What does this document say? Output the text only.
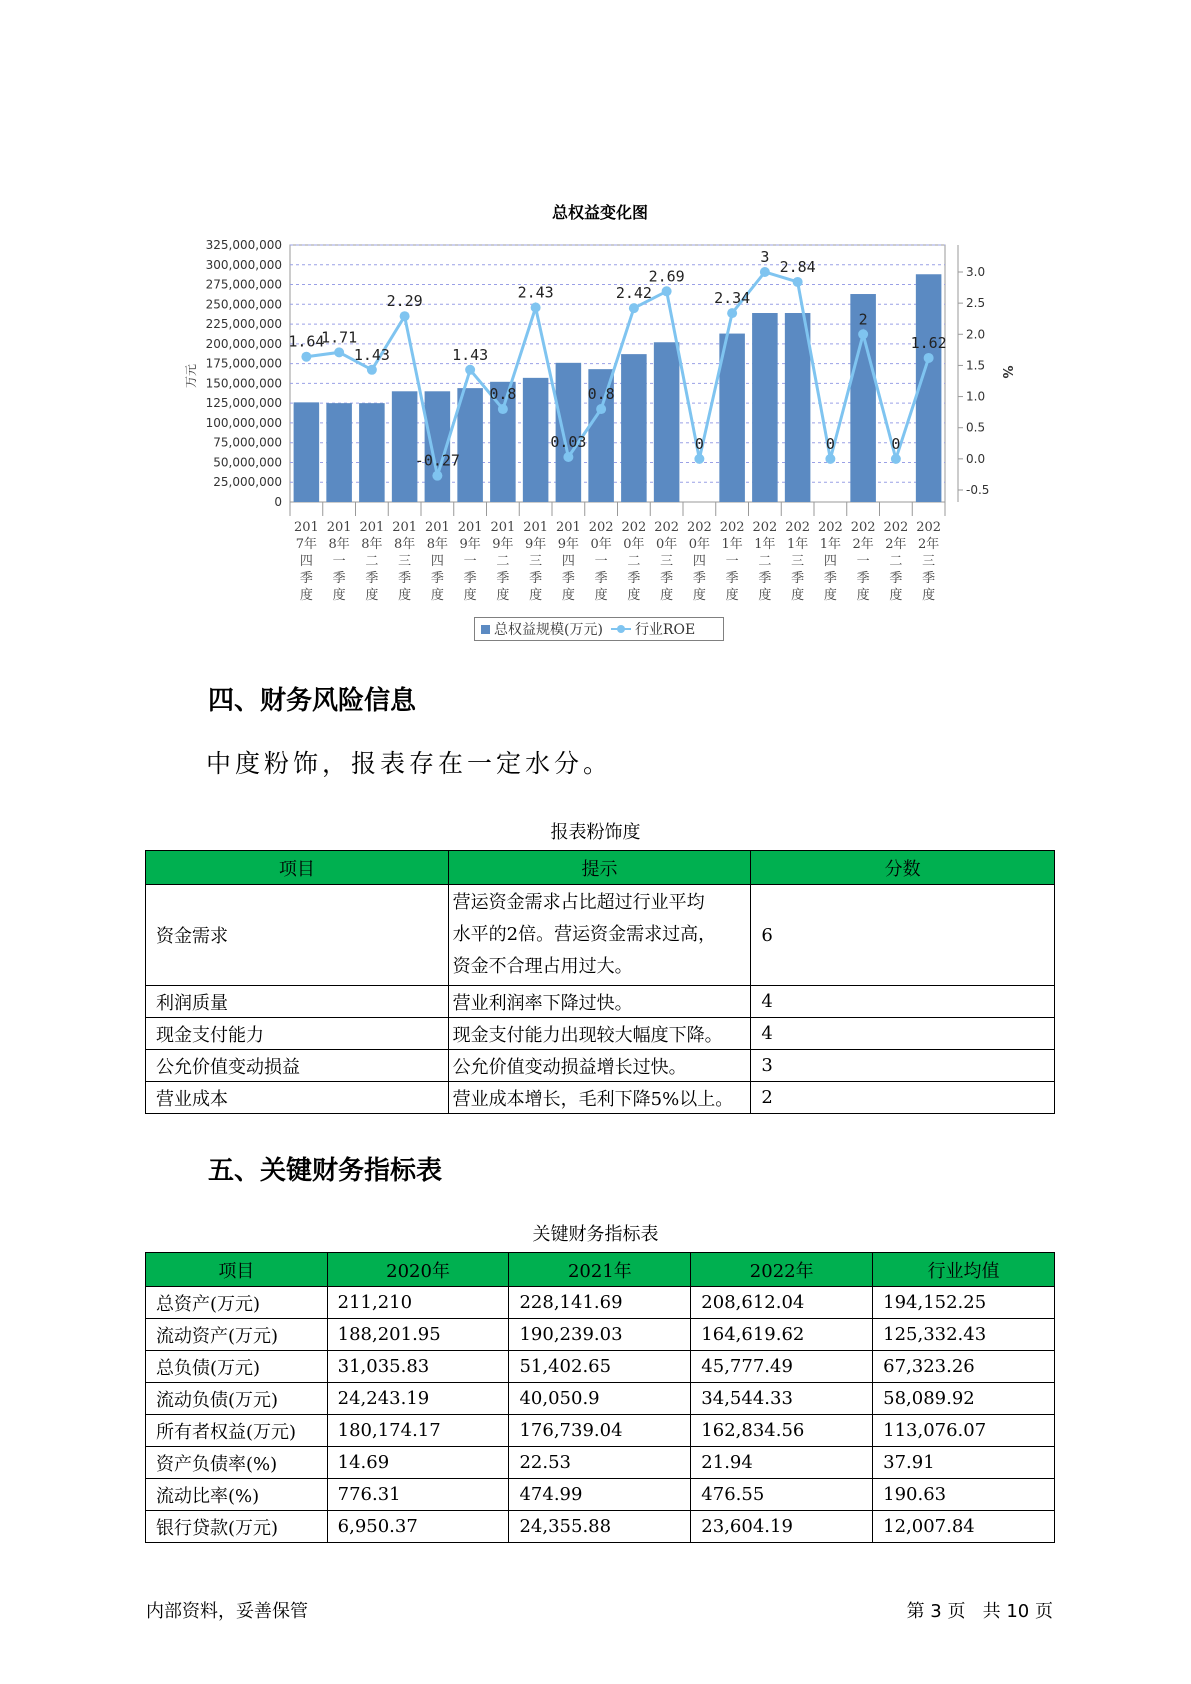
总权益变化图
0
25,000,000
50,000,000
75,000,000
100,000,000
125,000,000
150,000,000
175,000,000
200,000,000
225,000,000
250,000,000
275,000,000
300,000,000
325,000,000
-0.5
0.0
0.5
1.0
1.5
2.0
2.5
3.0
万元	%
201
7年
四
季
度
201
8年
一
季
度
201
8年
二
季
度
201
8年
三
季
度
201
8年
四
季
度
201
9年
一
季
度
201
9年
二
季
度
201
9年
三
季
度
201
9年
四
季
度
202
0年
一
季
度
202
0年
二
季
度
202
0年
三
季
度
202
0年
四
季
度
202
1年
一
季
度
202
1年
二
季
度
202
1年
三
季
度
202
1年
四
季
度
202
2年
一
季
度
202
2年
二
季
度
202
2年
三
季
度
1.64
1.71
1.43
2.29
-0.27
1.43
0.8
2.43
0.03
0.8
2.42
2.69
0
2.34
3
2.84
0
2
0
1.62
总权益规模(万元) 行业ROE
四、财务风险信息
中度粉饰，报表存在一定水分。
报表粉饰度
项目	提示	分数
资金需求	营运资金需求占比超过行业平均
水平的2倍。营运资金需求过高，
资金不合理占用过大。	6
利润质量	营业利润率下降过快。	4
现金支付能力	现金支付能力出现较大幅度下降。	4
公允价值变动损益	公允价值变动损益增长过快。	3
营业成本	营业成本增长，毛利下降5%以上。	2
五、关键财务指标表
关键财务指标表
项目	2020年	2021年	2022年	行业均值
总资产(万元)	211,210	228,141.69	208,612.04	194,152.25
流动资产(万元)	188,201.95	190,239.03	164,619.62	125,332.43
总负债(万元)	31,035.83	51,402.65	45,777.49	67,323.26
流动负债(万元)	24,243.19	40,050.9	34,544.33	58,089.92
所有者权益(万元)	180,174.17	176,739.04	162,834.56	113,076.07
资产负债率(%)	14.69	22.53	21.94	37.91
流动比率(%)	776.31	474.99	476.55	190.63
银行贷款(万元)	6,950.37	24,355.88	23,604.19	12,007.84
内部资料，妥善保管	第 3 页   共 10 页
